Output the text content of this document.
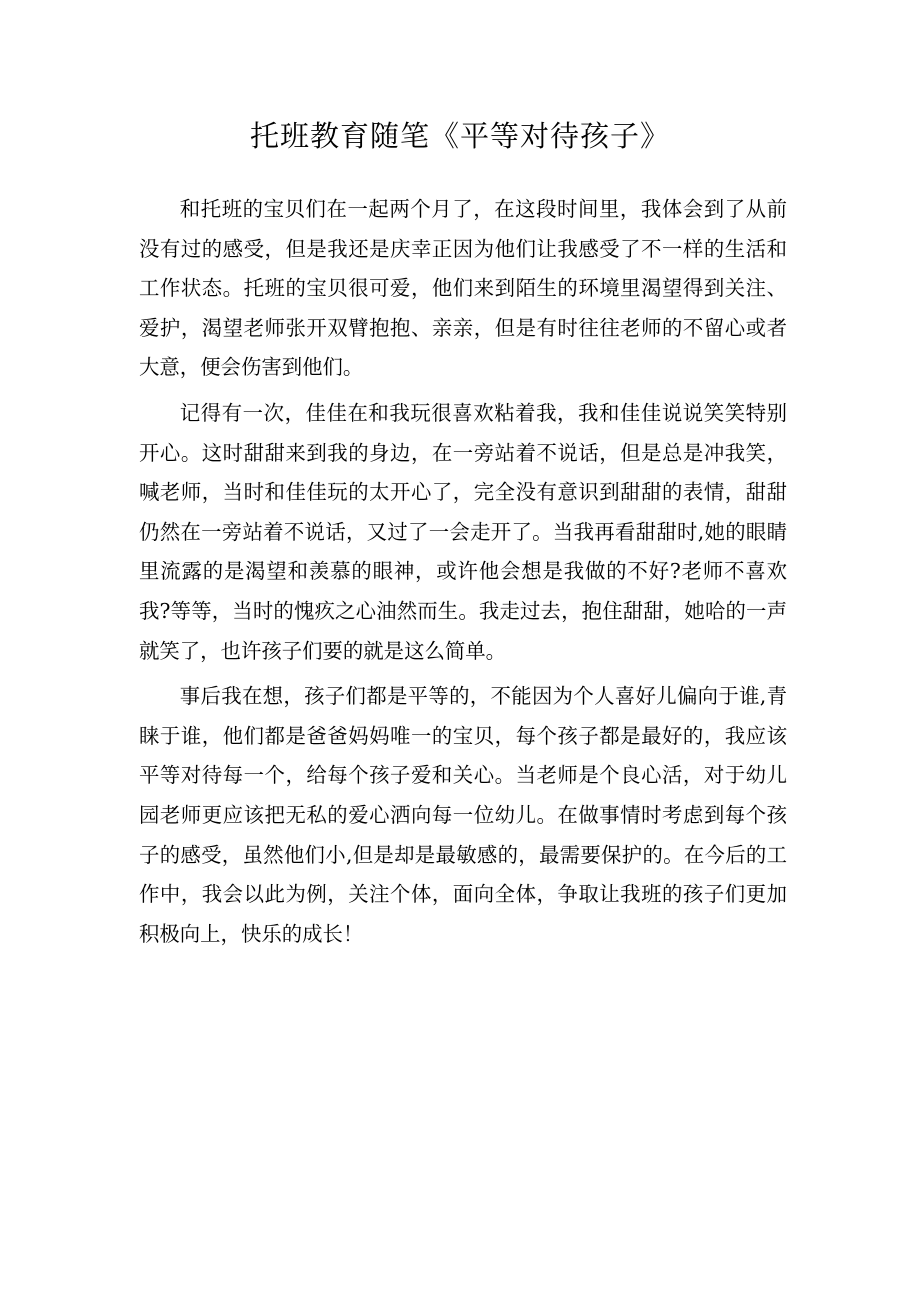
托班教育随笔《平等对待孩子》

和托班的宝贝们在一起两个月了，在这段时间里，我体会到了从前没有过的感受，但是我还是庆幸正因为他们让我感受了不一样的生活和工作状态。托班的宝贝很可爱，他们来到陌生的环境里渴望得到关注、爱护，渴望老师张开双臂抱抱、亲亲，但是有时往往老师的不留心或者大意，便会伤害到他们。

记得有一次，佳佳在和我玩很喜欢粘着我，我和佳佳说说笑笑特别开心。这时甜甜来到我的身边，在一旁站着不说话，但是总是冲我笑，喊老师，当时和佳佳玩的太开心了，完全没有意识到甜甜的表情，甜甜仍然在一旁站着不说话，又过了一会走开了。当我再看甜甜时,她的眼睛里流露的是渴望和羡慕的眼神，或许他会想是我做的不好?老师不喜欢我?等等，当时的愧疚之心油然而生。我走过去，抱住甜甜，她哈的一声就笑了，也许孩子们要的就是这么简单。

事后我在想，孩子们都是平等的，不能因为个人喜好儿偏向于谁,青睐于谁，他们都是爸爸妈妈唯一的宝贝，每个孩子都是最好的，我应该平等对待每一个，给每个孩子爱和关心。当老师是个良心活，对于幼儿园老师更应该把无私的爱心洒向每一位幼儿。在做事情时考虑到每个孩子的感受，虽然他们小,但是却是最敏感的，最需要保护的。在今后的工作中，我会以此为例，关注个体，面向全体，争取让我班的孩子们更加积极向上，快乐的成长！
